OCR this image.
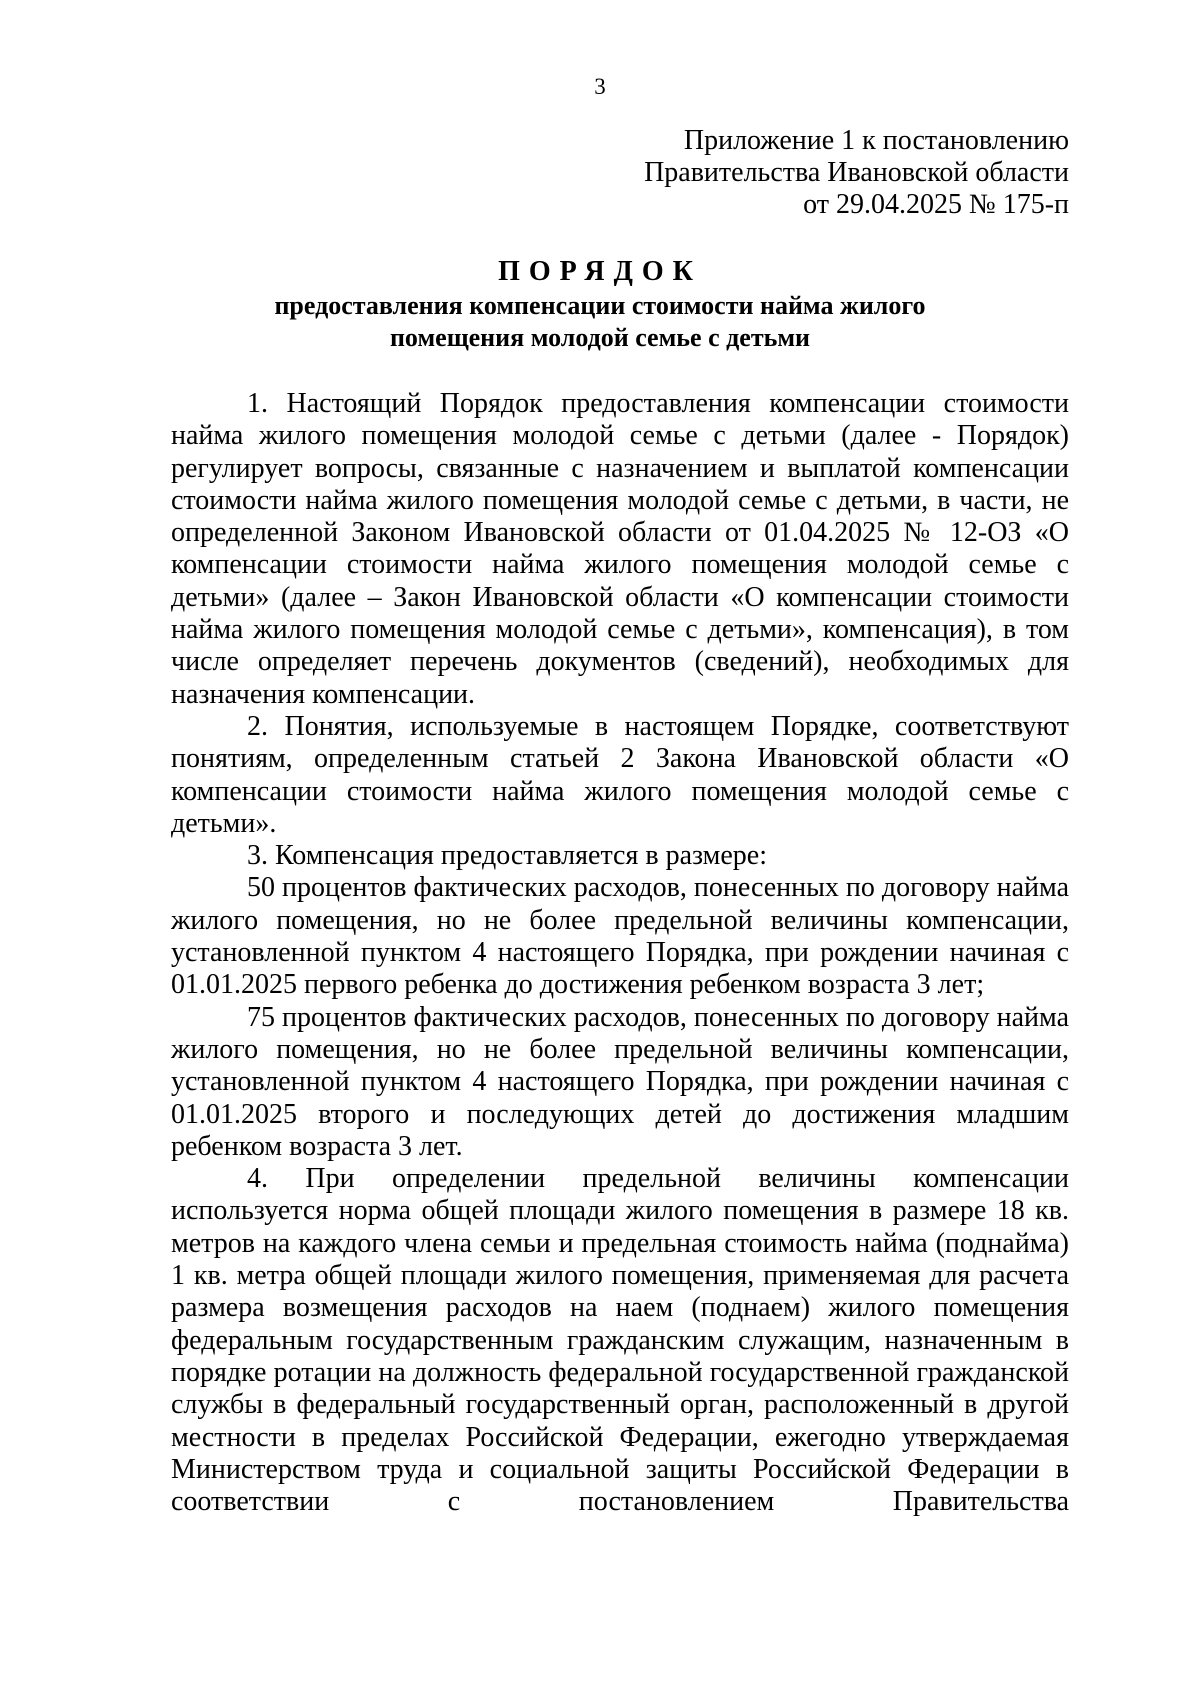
3
Приложение 1 к постановлению
Правительства Ивановской области
от 29.04.2025 № 175-п
ПОРЯДОК
предоставления компенсации стоимости найма жилого
помещения молодой семье с детьми

1. Настоящий Порядок предоставления компенсации стоимости найма жилого помещения молодой семье с детьми (далее - Порядок) регулирует вопросы, связанные с назначением и выплатой компенсации стоимости найма жилого помещения молодой семье с детьми, в части, не определенной Законом Ивановской области от 01.04.2025 № 12-ОЗ «О компенсации стоимости найма жилого помещения молодой семье с детьми» (далее – Закон Ивановской области «О компенсации стоимости найма жилого помещения молодой семье с детьми», компенсация), в том числе определяет перечень документов (сведений), необходимых для назначения компенсации.

2. Понятия, используемые в настоящем Порядке, соответствуют понятиям, определенным статьей 2 Закона Ивановской области «О компенсации стоимости найма жилого помещения молодой семье с детьми».

3. Компенсация предоставляется в размере:

50 процентов фактических расходов, понесенных по договору найма жилого помещения, но не более предельной величины компенсации, установленной пунктом 4 настоящего Порядка, при рождении начиная с 01.01.2025 первого ребенка до достижения ребенком возраста 3 лет;

75 процентов фактических расходов, понесенных по договору найма жилого помещения, но не более предельной величины компенсации, установленной пунктом 4 настоящего Порядка, при рождении начиная с 01.01.2025 второго и последующих детей до достижения младшим ребенком возраста 3 лет.

4. При определении предельной величины компенсации используется норма общей площади жилого помещения в размере 18 кв. метров на каждого члена семьи и предельная стоимость найма (поднайма) 1 кв. метра общей площади жилого помещения, применяемая для расчета размера возмещения расходов на наем (поднаем) жилого помещения федеральным государственным гражданским служащим, назначенным в порядке ротации на должность федеральной государственной гражданской службы в федеральный государственный орган, расположенный в другой местности в пределах Российской Федерации, ежегодно утверждаемая Министерством труда и социальной защиты Российской Федерации в соответствии с постановлением Правительства
